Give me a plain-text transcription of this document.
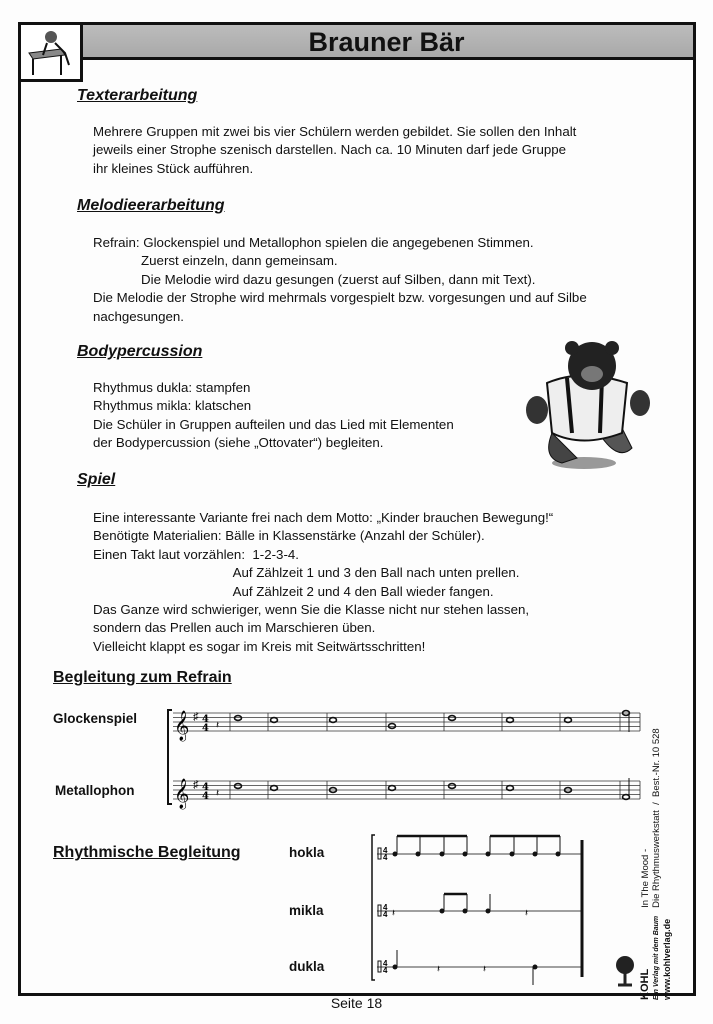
Brauner Bär
Texterarbeitung
Mehrere Gruppen mit zwei bis vier Schülern werden gebildet. Sie sollen den Inhalt
jeweils einer Strophe szenisch darstellen. Nach ca. 10 Minuten darf jede Gruppe
ihr kleines Stück aufführen.
Melodieerarbeitung
Refrain: Glockenspiel und Metallophon spielen die angegebenen Stimmen.
Zuerst einzeln, dann gemeinsam.
Die Melodie wird dazu gesungen (zuerst auf Silben, dann mit Text).
Die Melodie der Strophe wird mehrmals vorgespielt bzw. vorgesungen und auf Silbe
nachgesungen.
Bodypercussion
Rhythmus dukla: stampfen
Rhythmus mikla: klatschen
Die Schüler in Gruppen aufteilen und das Lied mit Elementen
der Bodypercussion (siehe „Ottovater“) begleiten.
Spiel
Eine interessante Variante frei nach dem Motto: „Kinder brauchen Bewegung!“
Benötigte Materialien: Bälle in Klassenstärke (Anzahl der Schüler).
Einen Takt laut vorzählen:  1-2-3-4.
Auf Zählzeit 1 und 3 den Ball nach unten prellen.
Auf Zählzeit 2 und 4 den Ball wieder fangen.
Das Ganze wird schwieriger, wenn Sie die Klasse nicht nur stehen lassen,
sondern das Prellen auch im Marschieren üben.
Vielleicht klappt es sogar im Kreis mit Seitwärtsschritten!
Begleitung zum Refrain
Glockenspiel
Metallophon
𝄞
𝄞
♯
♯
4
4
4
4
𝄽
𝄽
Rhythmische Begleitung	hokla
mikla
dukla
4
4
4
4
4
4
𝄽	𝄽
𝄽	𝄽	KOHL Ein Verlag mit dem Baum www.kohlverlag.de
In The Mood - Die Rhythmuswerkstatt  /  Best.-Nr. 10 528
Seite 18
